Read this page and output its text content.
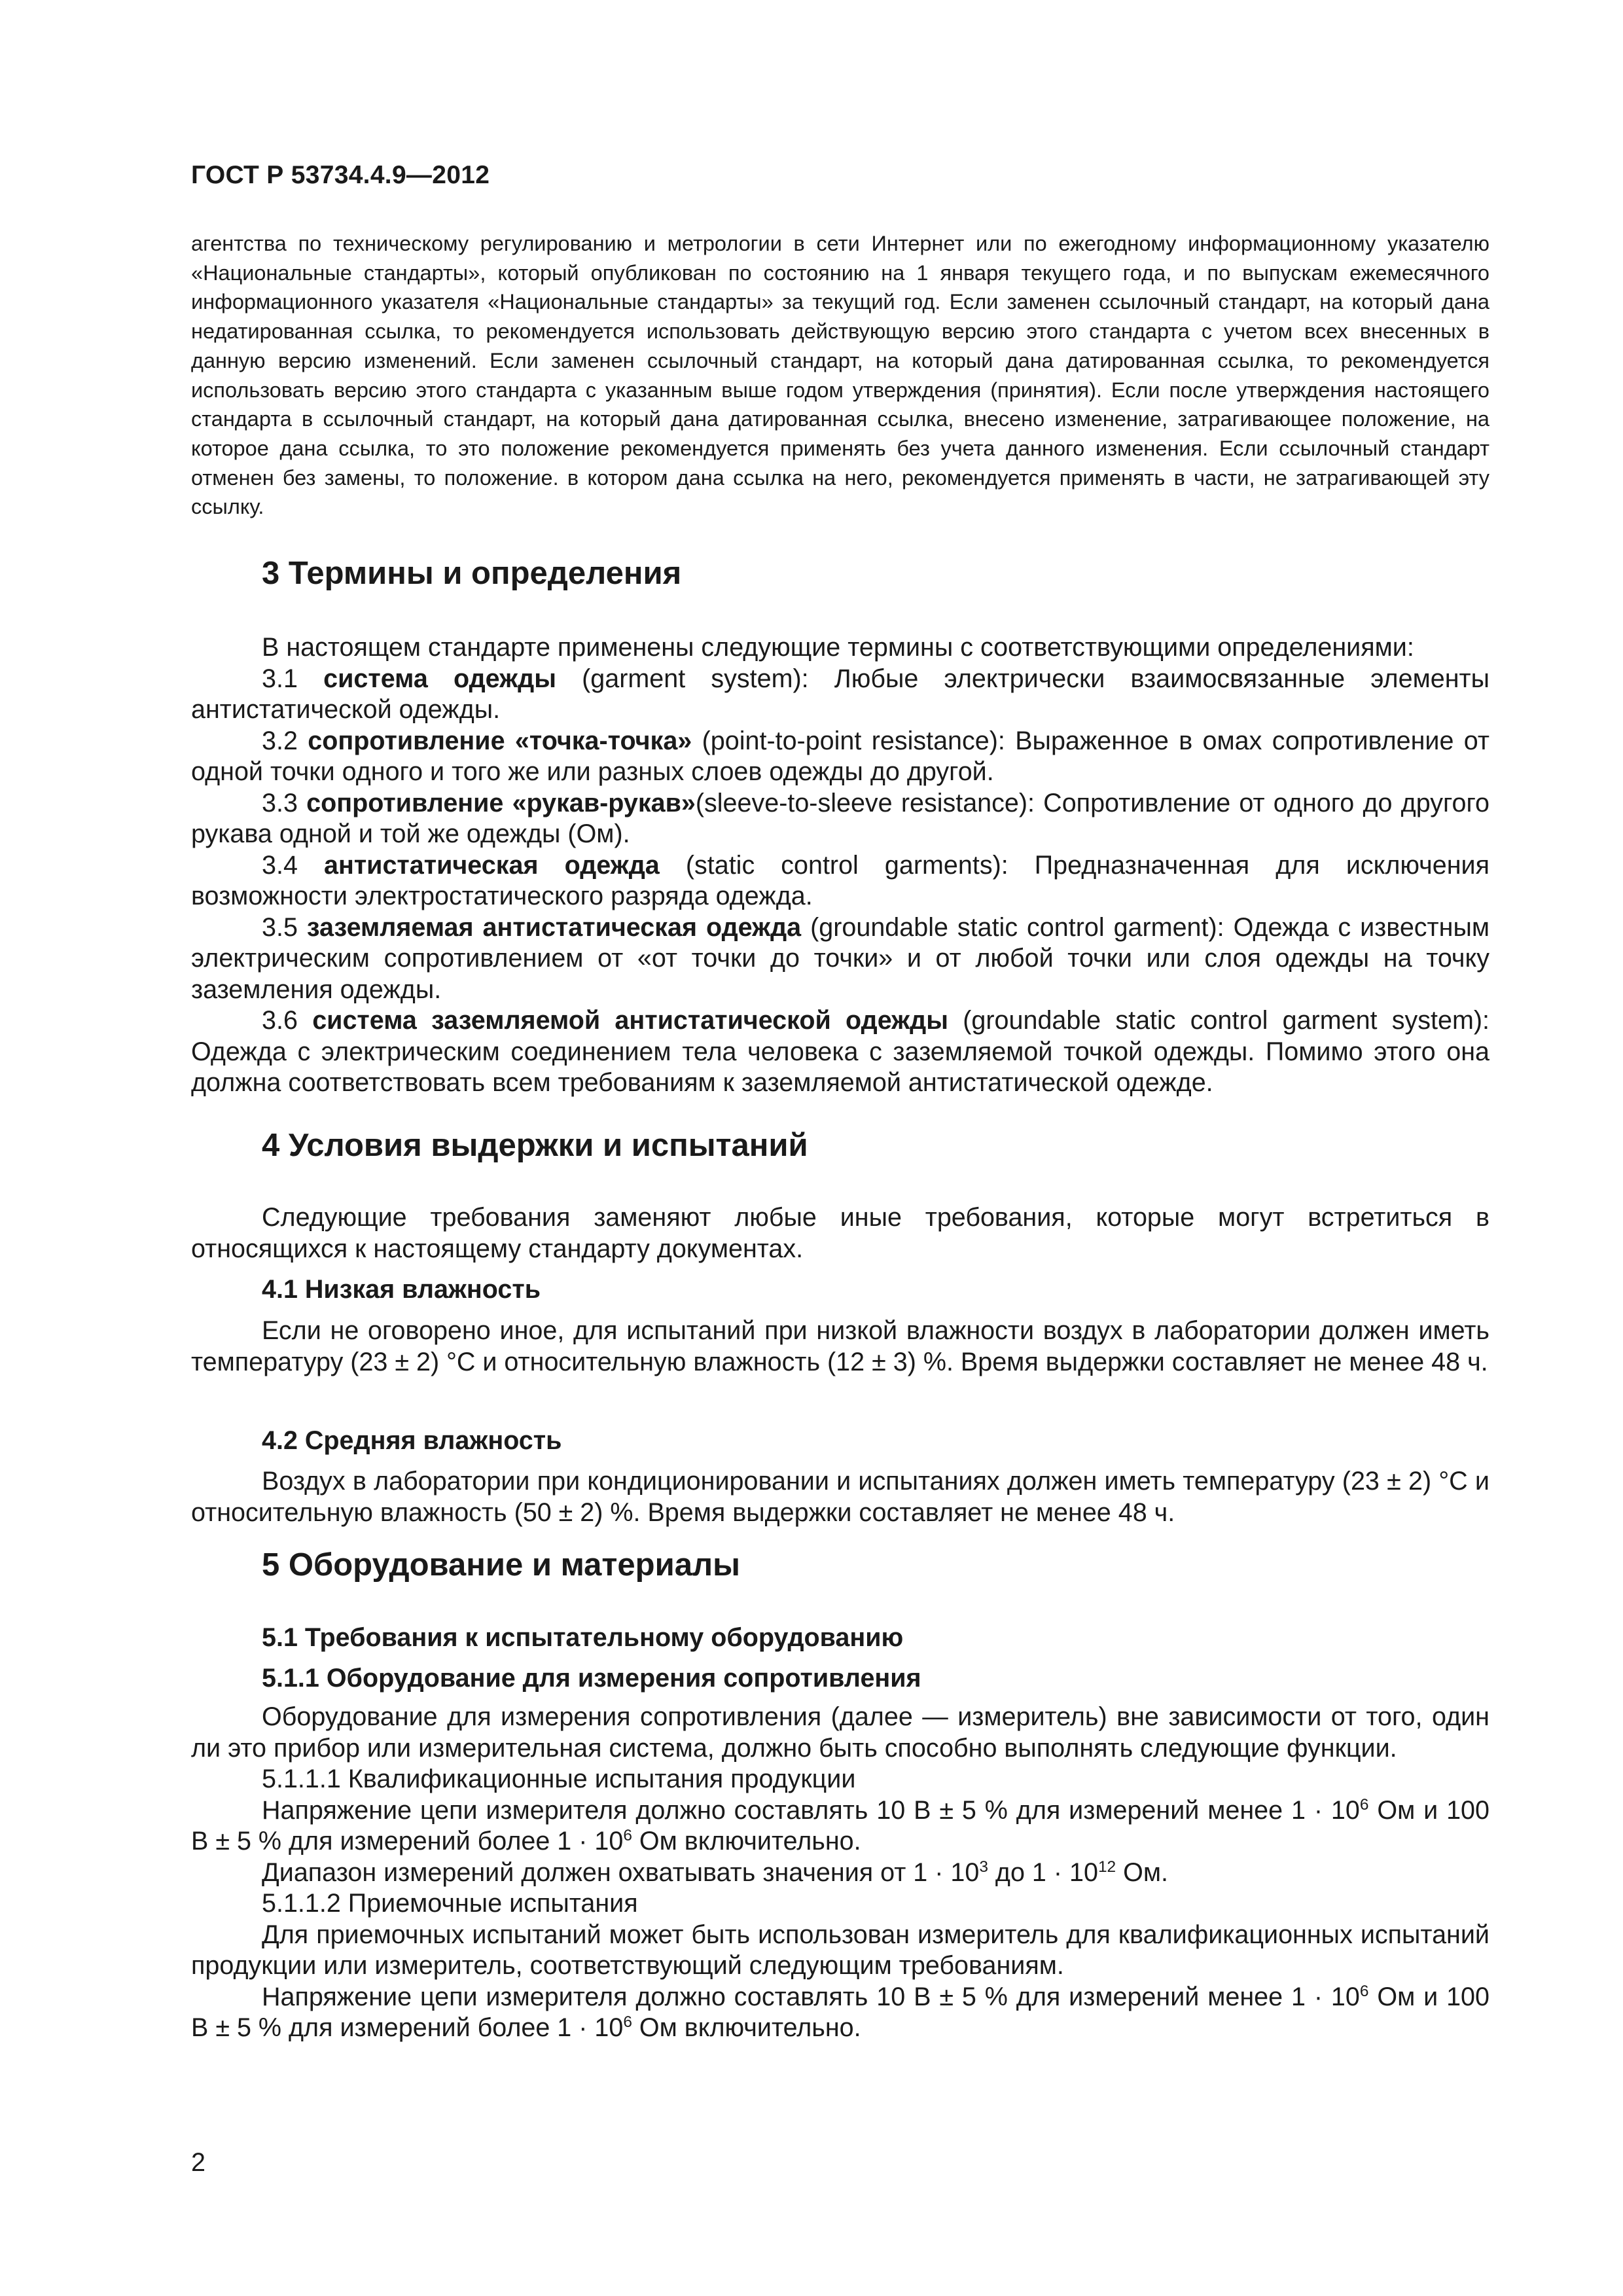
ГОСТ Р 53734.4.9—2012

агентства по техническому регулированию и метрологии в сети Интернет или по ежегодному информационному указателю «Национальные стандарты», который опубликован по состоянию на 1 января текущего года, и по выпускам ежемесячного информационного указателя «Национальные стандарты» за текущий год. Если заменен ссылочный стандарт, на который дана недатированная ссылка, то рекомендуется использовать действующую версию этого стандарта с учетом всех внесенных в данную версию изменений. Если заменен ссылочный стандарт, на который дана датированная ссылка, то рекомендуется использовать версию этого стандарта с указанным выше годом утверждения (принятия). Если после утверждения настоящего стандарта в ссылочный стандарт, на который дана датированная ссылка, внесено изменение, затрагивающее положение, на которое дана ссылка, то это положение рекомендуется применять без учета данного изменения. Если ссылочный стандарт отменен без замены, то положение. в котором дана ссылка на него, рекомендуется применять в части, не затрагивающей эту ссылку.

3 Термины и определения

В настоящем стандарте применены следующие термины с соответствующими определениями:

3.1 система одежды (garment system): Любые электрически взаимосвязанные элементы антистатической одежды.

3.2 сопротивление «точка-точка» (point-to-point resistance): Выраженное в омах сопротивление от одной точки одного и того же или разных слоев одежды до другой.

3.3 сопротивление «рукав-рукав»(sleeve-to-sleeve resistance): Сопротивление от одного до другого рукава одной и той же одежды (Ом).

3.4 антистатическая одежда (static control garments): Предназначенная для исключения возможности электростатического разряда одежда.

3.5 заземляемая антистатическая одежда (groundable static control garment): Одежда с известным электрическим сопротивлением от «от точки до точки» и от любой точки или слоя одежды на точку заземления одежды.

3.6 система заземляемой антистатической одежды (groundable static control garment system): Одежда с электрическим соединением тела человека с заземляемой точкой одежды. Помимо этого она должна соответствовать всем требованиям к заземляемой антистатической одежде.

4 Условия выдержки и испытаний

Следующие требования заменяют любые иные требования, которые могут встретиться в относящихся к настоящему стандарту документах.

4.1 Низкая влажность

Если не оговорено иное, для испытаний при низкой влажности воздух в лаборатории должен иметь температуру (23 ± 2) °С и относительную влажность (12 ± 3) %. Время выдержки составляет не менее 48 ч.

4.2 Средняя влажность

Воздух в лаборатории при кондиционировании и испытаниях должен иметь температуру (23 ± 2) °С и относительную влажность (50 ± 2) %. Время выдержки составляет не менее 48 ч.

5 Оборудование и материалы
5.1 Требования к испытательному оборудованию
5.1.1 Оборудование для измерения сопротивления

Оборудование для измерения сопротивления (далее — измеритель) вне зависимости от того, один ли это прибор или измерительная система, должно быть способно выполнять следующие функции.

5.1.1.1 Квалификационные испытания продукции

Напряжение цепи измерителя должно составлять 10 В ± 5 % для измерений менее $1 \cdot 10^6$ Ом и 100 В ± 5 % для измерений более $1 \cdot 10^6$ Ом включительно.

Диапазон измерений должен охватывать значения от $1 \cdot 10^3$ до $1 \cdot 10^{12}$ Ом.

5.1.1.2 Приемочные испытания

Для приемочных испытаний может быть использован измеритель для квалификационных испытаний продукции или измеритель, соответствующий следующим требованиям.

Напряжение цепи измерителя должно составлять 10 В ± 5 % для измерений менее $1 \cdot 10^6$ Ом и 100 В ± 5 % для измерений более $1 \cdot 10^6$ Ом включительно.

2
